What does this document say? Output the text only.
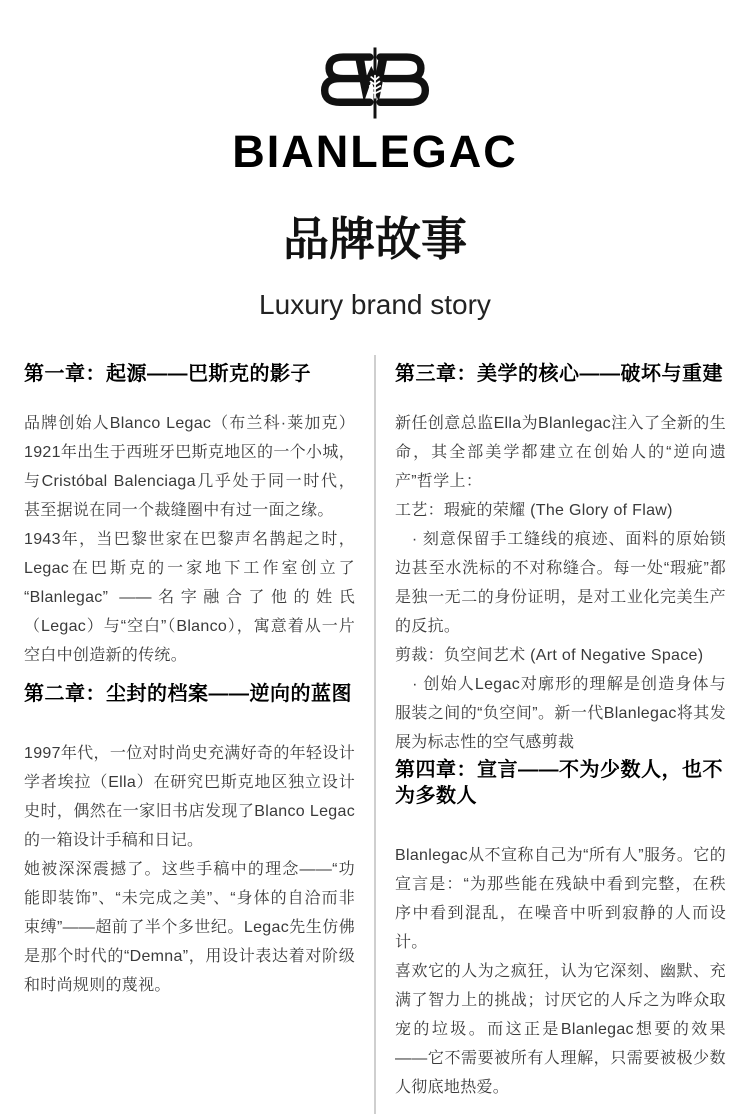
BIANLEGAC
品牌故事
Luxury brand story
第一章：起源——巴斯克的影子

品牌创始人Blanco Legac（布兰科·莱加克）1921年出生于西班牙巴斯克地区的一个小城，与Cristóbal Balenciaga几乎处于同一时代，甚至据说在同一个裁缝圈中有过一面之缘。

1943年，当巴黎世家在巴黎声名鹊起之时，Legac在巴斯克的一家地下工作室创立了 “Blanlegac” ——名字融合了他的姓氏（Legac）与“空白”（Blanco），寓意着从一片空白中创造新的传统。

第二章：尘封的档案——逆向的蓝图

1997年代，一位对时尚史充满好奇的年轻设计学者埃拉（Ella）在研究巴斯克地区独立设计史时，偶然在一家旧书店发现了Blanco Legac的一箱设计手稿和日记。

她被深深震撼了。这些手稿中的理念——“功能即装饰”、“未完成之美”、“身体的自洽而非束缚”——超前了半个多世纪。Legac先生仿佛是那个时代的“Demna”，用设计表达着对阶级和时尚规则的蔑视。

第三章：美学的核心——破坏与重建

新任创意总监Ella为Blanlegac注入了全新的生命，其全部美学都建立在创始人的“逆向遗产”哲学上：

工艺：瑕疵的荣耀 (The Glory of Flaw)

　· 刻意保留手工缝线的痕迹、面料的原始锁边甚至水洗标的不对称缝合。每一处“瑕疵”都是独一无二的身份证明，是对工业化完美生产的反抗。

剪裁：负空间艺术 (Art of Negative Space)

　· 创始人Legac对廓形的理解是创造身体与服装之间的“负空间”。新一代Blanlegac将其发展为标志性的空气感剪裁

第四章：宣言——不为少数人，也不为多数人

Blanlegac从不宣称自己为“所有人”服务。它的宣言是：“为那些能在残缺中看到完整，在秩序中看到混乱，在噪音中听到寂静的人而设计。

喜欢它的人为之疯狂，认为它深刻、幽默、充满了智力上的挑战；讨厌它的人斥之为哗众取宠的垃圾。而这正是Blanlegac想要的效果——它不需要被所有人理解，只需要被极少数人彻底地热爱。
